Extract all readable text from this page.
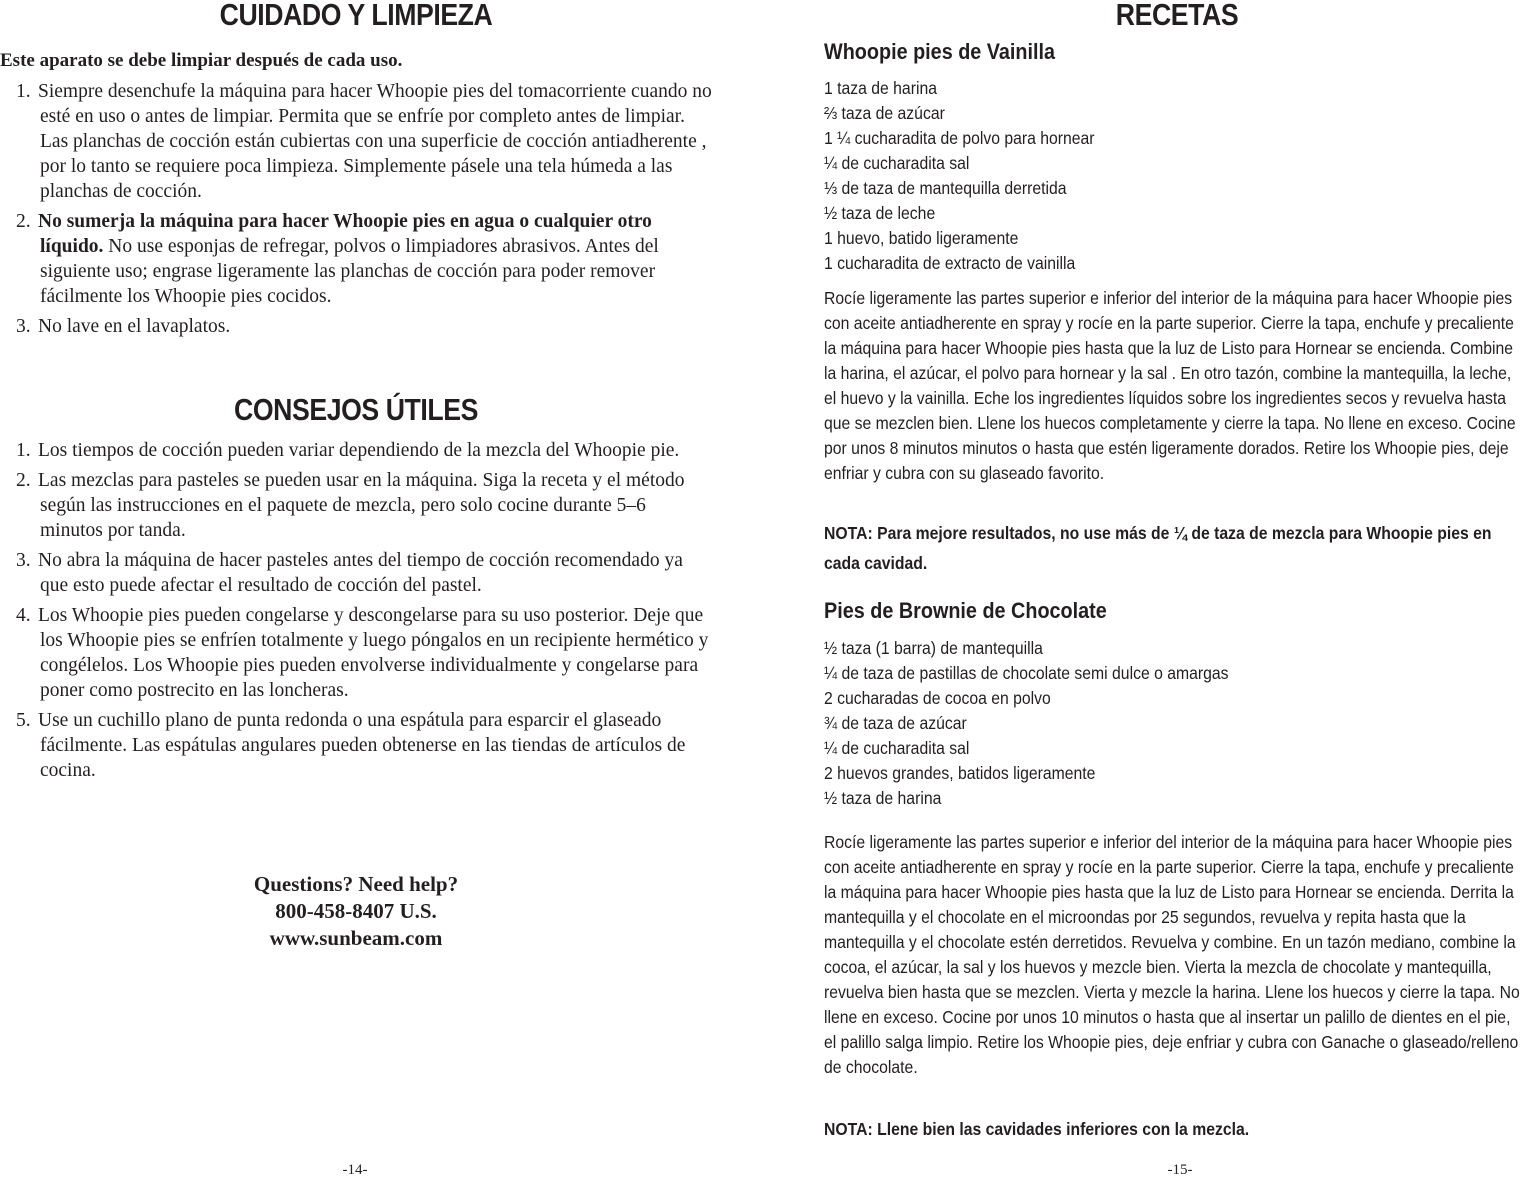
CUIDADO Y LIMPIEZA
Este aparato se debe limpiar después de cada uso.
1. Siempre desenchufe la máquina para hacer Whoopie pies del tomacorriente cuando no esté en uso o antes de limpiar. Permita que se enfríe por completo antes de limpiar. Las planchas de cocción están cubiertas con una superficie de cocción antiadherente , por lo tanto se requiere poca limpieza. Simplemente pásele una tela húmeda a las planchas de cocción.
2. No sumerja la máquina para hacer Whoopie pies en agua o cualquier otro líquido. No use esponjas de refregar, polvos o limpiadores abrasivos. Antes del siguiente uso; engrase ligeramente las planchas de cocción para poder remover fácilmente los Whoopie pies cocidos.
3. No lave en el lavaplatos.
CONSEJOS ÚTILES
1. Los tiempos de cocción pueden variar dependiendo de la mezcla del Whoopie pie.
2. Las mezclas para pasteles se pueden usar en la máquina. Siga la receta y el método según las instrucciones en el paquete de mezcla, pero solo cocine durante 5–6 minutos por tanda.
3. No abra la máquina de hacer pasteles antes del tiempo de cocción recomendado ya que esto puede afectar el resultado de cocción del pastel.
4. Los Whoopie pies pueden congelarse y descongelarse para su uso posterior. Deje que los Whoopie pies se enfríen totalmente y luego póngalos en un recipiente hermético y congélelos. Los Whoopie pies pueden envolverse individualmente y congelarse para poner como postrecito en las loncheras.
5. Use un cuchillo plano de punta redonda o una espátula para esparcir el glaseado fácilmente. Las espátulas angulares pueden obtenerse en las tiendas de artículos de cocina.
Questions? Need help?
800-458-8407 U.S.
www.sunbeam.com
-14-
RECETAS
Whoopie pies de Vainilla
1 taza de harina
⅔ taza de azúcar
1 ¼ cucharadita de polvo para hornear
¼ de cucharadita sal
⅓ de taza de mantequilla derretida
½ taza de leche
1 huevo, batido ligeramente
1 cucharadita de extracto de vainilla

Rocíe ligeramente las partes superior e inferior del interior de la máquina para hacer Whoopie pies con aceite antiadherente en spray y rocíe en la parte superior. Cierre la tapa, enchufe y precaliente la máquina para hacer Whoopie pies hasta que la luz de Listo para Hornear se encienda. Combine la harina, el azúcar, el polvo para hornear y la sal . En otro tazón, combine la mantequilla, la leche, el huevo y la vainilla. Eche los ingredientes líquidos sobre los ingredientes secos y revuelva hasta que se mezclen bien. Llene los huecos completamente y cierre la tapa. No llene en exceso. Cocine por unos 8 minutos minutos o hasta que estén ligeramente dorados. Retire los Whoopie pies, deje enfriar y cubra con su glaseado favorito.

NOTA: Para mejore resultados, no use más de ¼ de taza de mezcla para Whoopie pies en cada cavidad.

Pies de Brownie de Chocolate
½ taza (1 barra) de mantequilla
¼ de taza de pastillas de chocolate semi dulce o amargas
2 cucharadas de cocoa en polvo
¾ de taza de azúcar
¼ de cucharadita sal
2 huevos grandes, batidos ligeramente
½ taza de harina

Rocíe ligeramente las partes superior e inferior del interior de la máquina para hacer Whoopie pies con aceite antiadherente en spray y rocíe en la parte superior. Cierre la tapa, enchufe y precaliente la máquina para hacer Whoopie pies hasta que la luz de Listo para Hornear se encienda. Derrita la mantequilla y el chocolate en el microondas por 25 segundos, revuelva y repita hasta que la mantequilla y el chocolate estén derretidos. Revuelva y combine. En un tazón mediano, combine la cocoa, el azúcar, la sal y los huevos y mezcle bien. Vierta la mezcla de chocolate y mantequilla, revuelva bien hasta que se mezclen. Vierta y mezcle la harina. Llene los huecos y cierre la tapa. No llene en exceso. Cocine por unos 10 minutos o hasta que al insertar un palillo de dientes en el pie, el palillo salga limpio. Retire los Whoopie pies, deje enfriar y cubra con Ganache o glaseado/relleno de chocolate.

NOTA: Llene bien las cavidades inferiores con la mezcla.

-15-
